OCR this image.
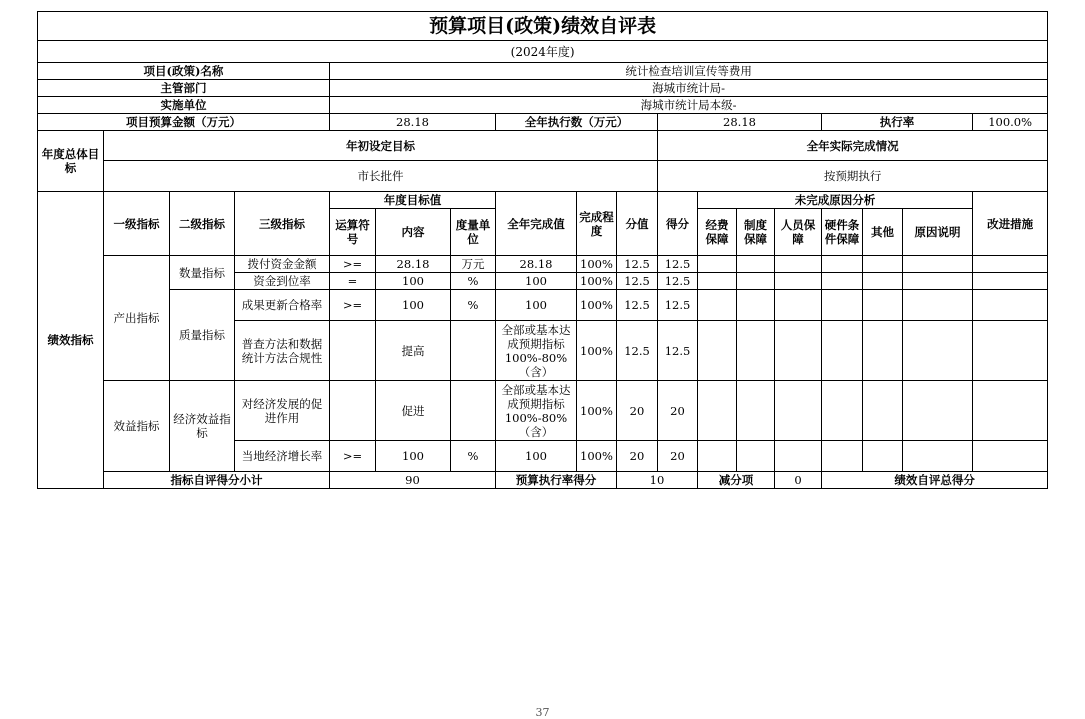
预算项目(政策)绩效自评表																		
(2024年度)																		
项目(政策)名称				统计检查培训宣传等费用														
主管部门				海城市统计局-														
实施单位				海城市统计局本级-														
项目预算金额（万元）				28.18			全年执行数（万元）			28.18				执行率			100.0%	
年度总体目标	年初设定目标									全年实际完成情况								
	市长批件									按预期执行								
绩效指标	一级指标	二级指标	三级指标	年度目标值			全年完成值	完成程度	分值	得分	未完成原因分析						改进措施	
				运算符号	内容	度量单位					经费保障	制度保障	人员保障	硬件条件保障	其他	原因说明		
	产出指标	数量指标	拨付资金金额	>=	28.18	万元	28.18	100%	12.5	12.5								
			资金到位率	=	100	%	100	100%	12.5	12.5								
		质量指标	成果更新合格率	>=	100	%	100	100%	12.5	12.5								
			普查方法和数据统计方法合规性		提高		全部或基本达成预期指标100%-80%（含）	100%	12.5	12.5								
	效益指标	经济效益指标	对经济发展的促进作用		促进		全部或基本达成预期指标100%-80%（含）	100%	20	20								
			当地经济增长率	>=	100	%	100	100%	20	20								
	指标自评得分小计			90			预算执行率得分		10		减分项		0	绩效自评总得分	
37
